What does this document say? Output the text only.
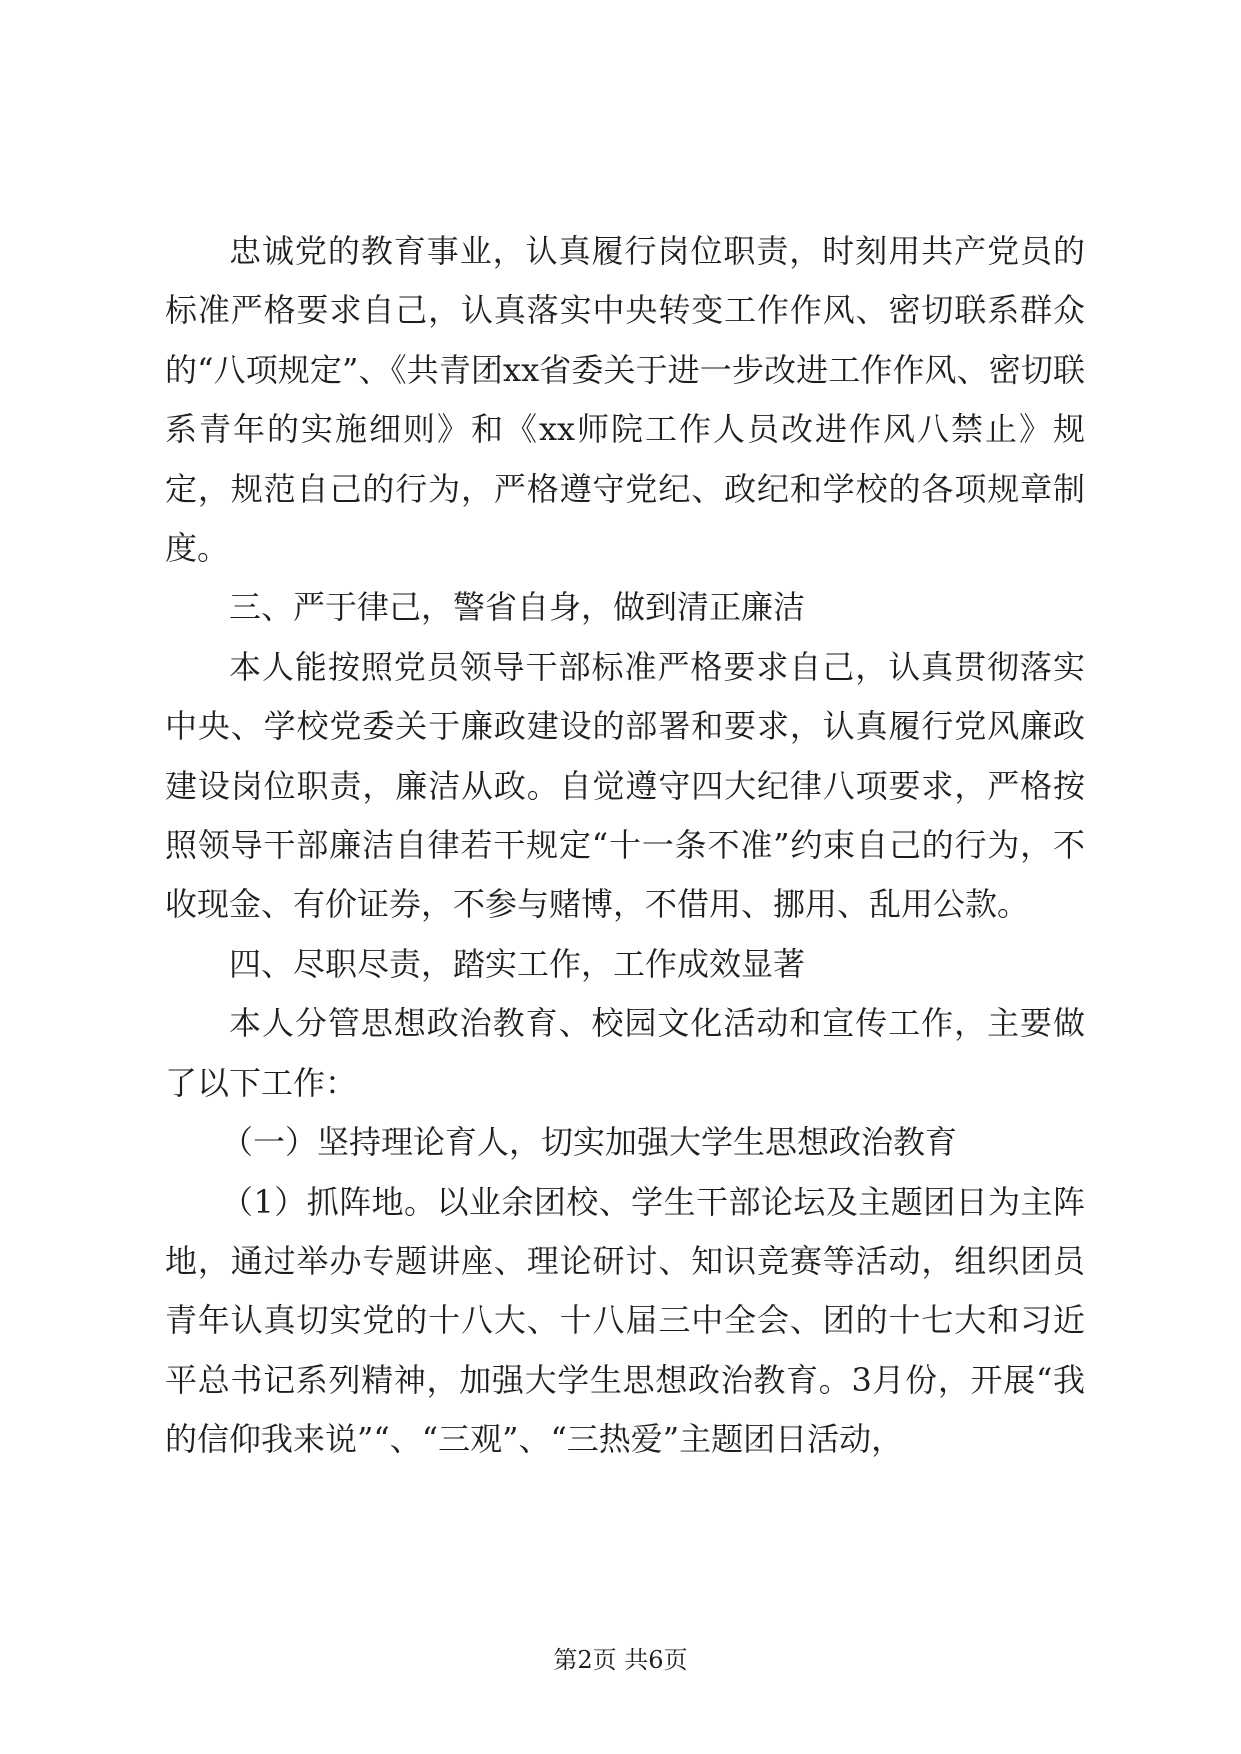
忠诚党的教育事业，认真履行岗位职责，时刻用共产党员的标准严格要求自己，认真落实中央转变工作作风、密切联系群众的“八项规定”、《共青团xx省委关于进一步改进工作作风、密切联系青年的实施细则》和《xx师院工作人员改进作风八禁止》规定，规范自己的行为，严格遵守党纪、政纪和学校的各项规章制度。

三、严于律己，警省自身，做到清正廉洁

本人能按照党员领导干部标准严格要求自己，认真贯彻落实中央、学校党委关于廉政建设的部署和要求，认真履行党风廉政建设岗位职责，廉洁从政。自觉遵守四大纪律八项要求，严格按照领导干部廉洁自律若干规定“十一条不准”约束自己的行为，不收现金、有价证券，不参与赌博，不借用、挪用、乱用公款。

四、尽职尽责，踏实工作，工作成效显著

本人分管思想政治教育、校园文化活动和宣传工作，主要做了以下工作：

（一）坚持理论育人，切实加强大学生思想政治教育

（1）抓阵地。以业余团校、学生干部论坛及主题团日为主阵地，通过举办专题讲座、理论研讨、知识竞赛等活动，组织团员青年认真切实党的十八大、十八届三中全会、团的十七大和习近平总书记系列精神，加强大学生思想政治教育。3月份，开展“我的信仰我来说”“、“三观”、“三热爱”主题团日活动，

第2页 共6页
